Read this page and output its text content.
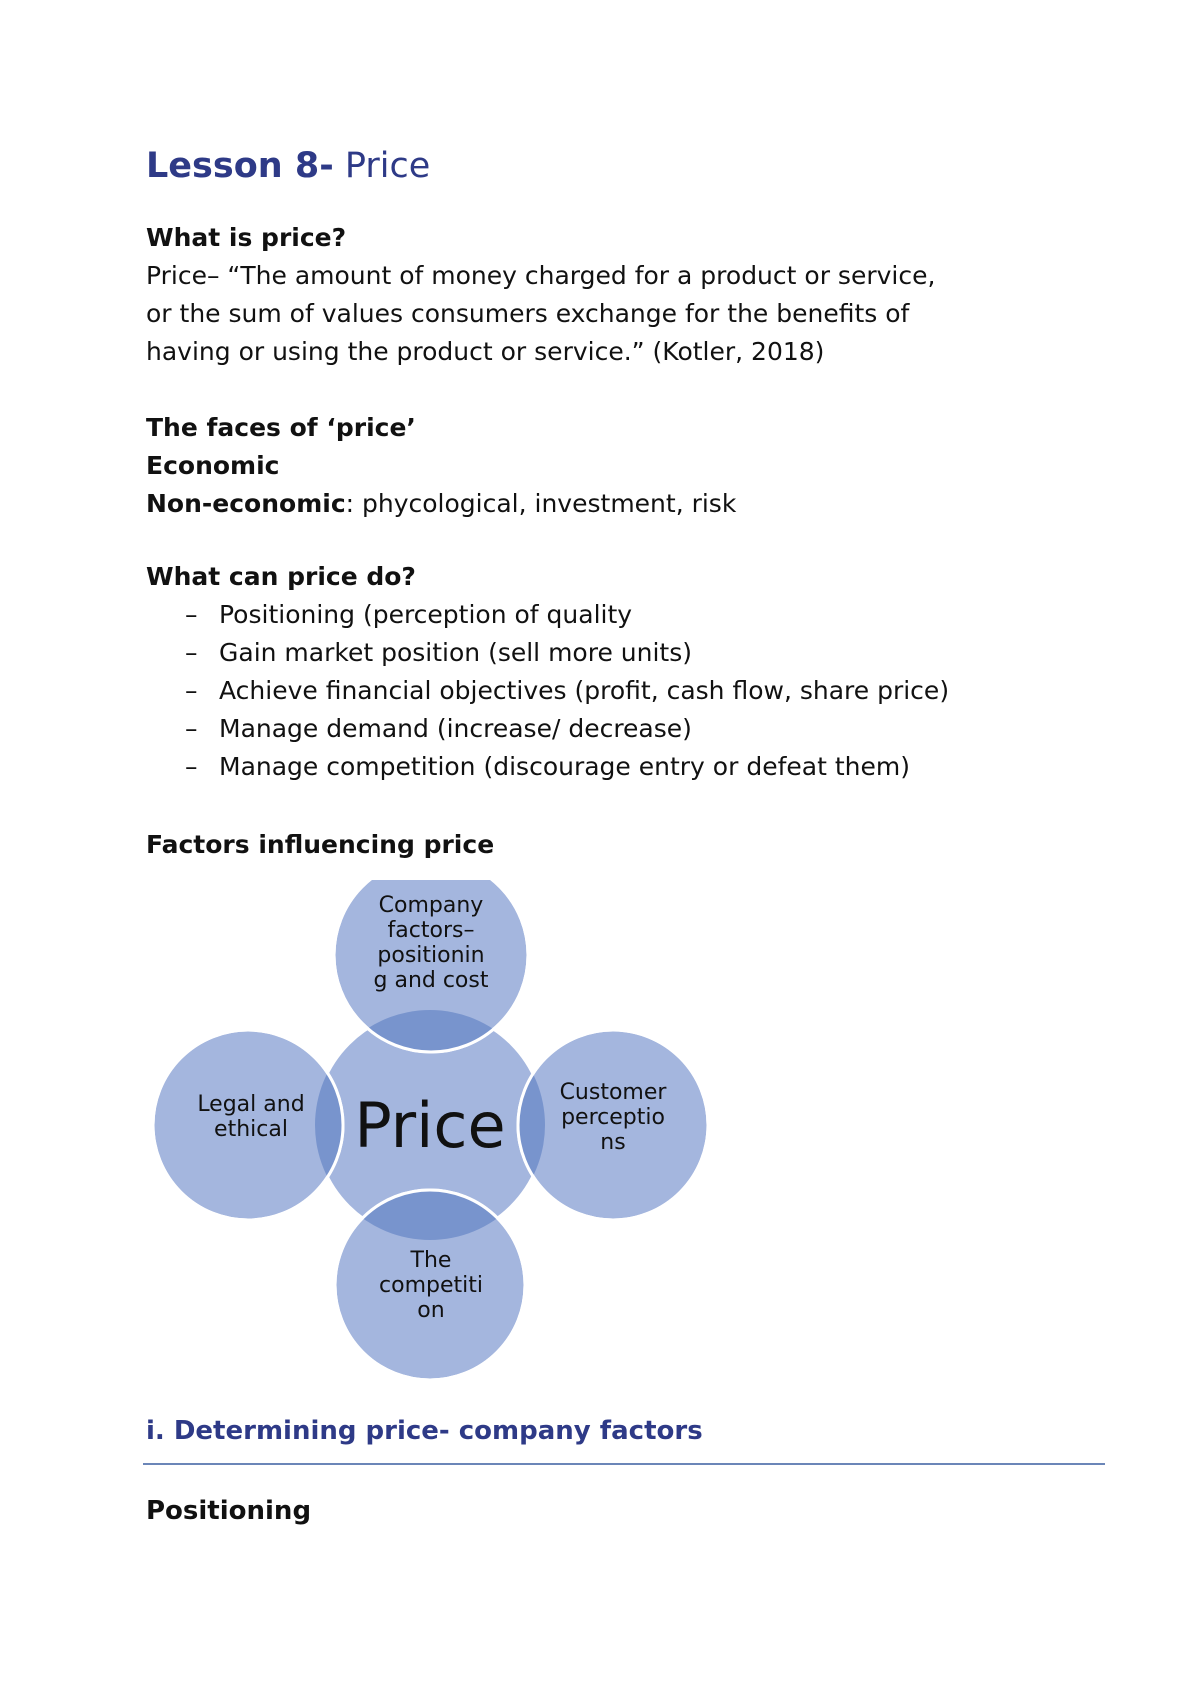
Lesson 8- Price
What is price?
Price– “The amount of money charged for a product or service,
or the sum of values consumers exchange for the benefits of
having or using the product or service.” (Kotler, 2018)
The faces of ‘price’
Economic
Non-economic: phycological, investment, risk
What can price do?
– Positioning (perception of quality
– Gain market position (sell more units)
– Achieve financial objectives (profit, cash flow, share price)
– Manage demand (increase/ decrease)
– Manage competition (discourage entry or defeat them)
Factors influencing price
Price
Company
factors–
positionin
g and cost
Customer
perceptio
ns
The
competiti
on
Legal and
ethical
i. Determining price- company factors
Positioning
